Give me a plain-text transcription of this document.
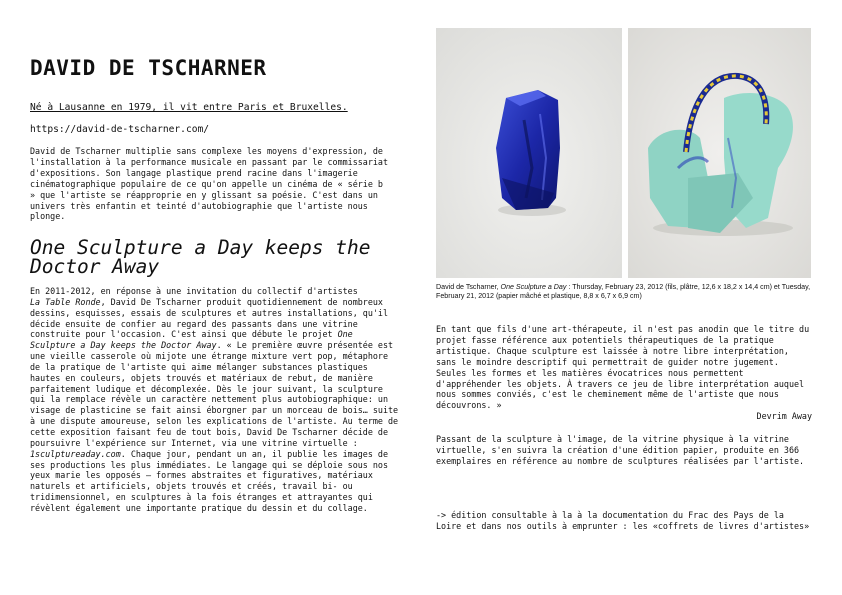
DAVID DE TSCHARNER
Né à Lausanne en 1979, il vit entre Paris et Bruxelles.
https://david-de-tscharner.com/

David de Tscharner multiplie sans complexe les moyens d'expression, de l'installation à la performance musicale en passant par le commissariat d'expositions. Son langage plastique prend racine dans l'imagerie cinématographique populaire de ce qu'on appelle un cinéma de « série b » que l'artiste se réapproprie en y glissant sa poésie. C'est dans un univers très enfantin et teinté d'autobiographie que l'artiste nous plonge.

One Sculpture a Day keeps the Doctor Away

En 2011-2012, en réponse à une invitation du collectif d'artistes
La Table Ronde, David De Tscharner produit quotidiennement de nombreux dessins, esquisses, essais de sculptures et autres installations, qu'il décide ensuite de confier au regard des passants dans une vitrine construite pour l'occasion. C'est ainsi que débute le projet One Sculpture a Day keeps the Doctor Away. « Le première œuvre présentée est une vieille casserole où mijote une étrange mixture vert pop, métaphore de la pratique de l'artiste qui aime mélanger substances plastiques hautes en couleurs, objets trouvés et matériaux de rebut, de manière parfaitement ludique et décomplexée. Dès le jour suivant, la sculpture qui la remplace révèle un caractère nettement plus autobiographique: un visage de plasticine se fait ainsi éborgner par un morceau de bois… suite à une dispute amoureuse, selon les explications de l'artiste. Au terme de cette exposition faisant feu de tout bois, David De Tscharner décide de poursuivre l'expérience sur Internet, via une vitrine virtuelle : 1sculptureaday.com. Chaque jour, pendant un an, il publie les images de ses productions les plus immédiates. Le langage qui se déploie sous nos yeux marie les opposés – formes abstraites et figuratives, matériaux naturels et artificiels, objets trouvés et créés, travail bi- ou tridimensionnel, en sculptures à la fois étranges et attrayantes qui révèlent également une importante pratique du dessin et du collage.

David de Tscharner, One Sculpture a Day : Thursday, February 23, 2012 (fils, plâtre, 12,6 x 18,2 x 14,4 cm) et Tuesday, February 21, 2012 (papier mâché et plastique, 8,8 x 6,7 x 6,9 cm)

En tant que fils d'une art-thérapeute, il n'est pas anodin que le titre du projet fasse référence aux potentiels thérapeutiques de la pratique artistique. Chaque sculpture est laissée à notre libre interprétation, sans le moindre descriptif qui permettrait de guider notre jugement. Seules les formes et les matières évocatrices nous permettent d'appréhender les objets. À travers ce jeu de libre interprétation auquel nous sommes conviés, c'est le cheminement même de l'artiste que nous découvrons. »

Devrim Away

Passant de la sculpture à l'image, de la vitrine physique à la vitrine virtuelle, s'en suivra la création d'une édition papier, produite en 366 exemplaires en référence au nombre de sculptures réalisées par l'artiste.

-> édition consultable à la à la documentation du Frac des Pays de la Loire et dans nos outils à emprunter : les «coffrets de livres d'artistes»
